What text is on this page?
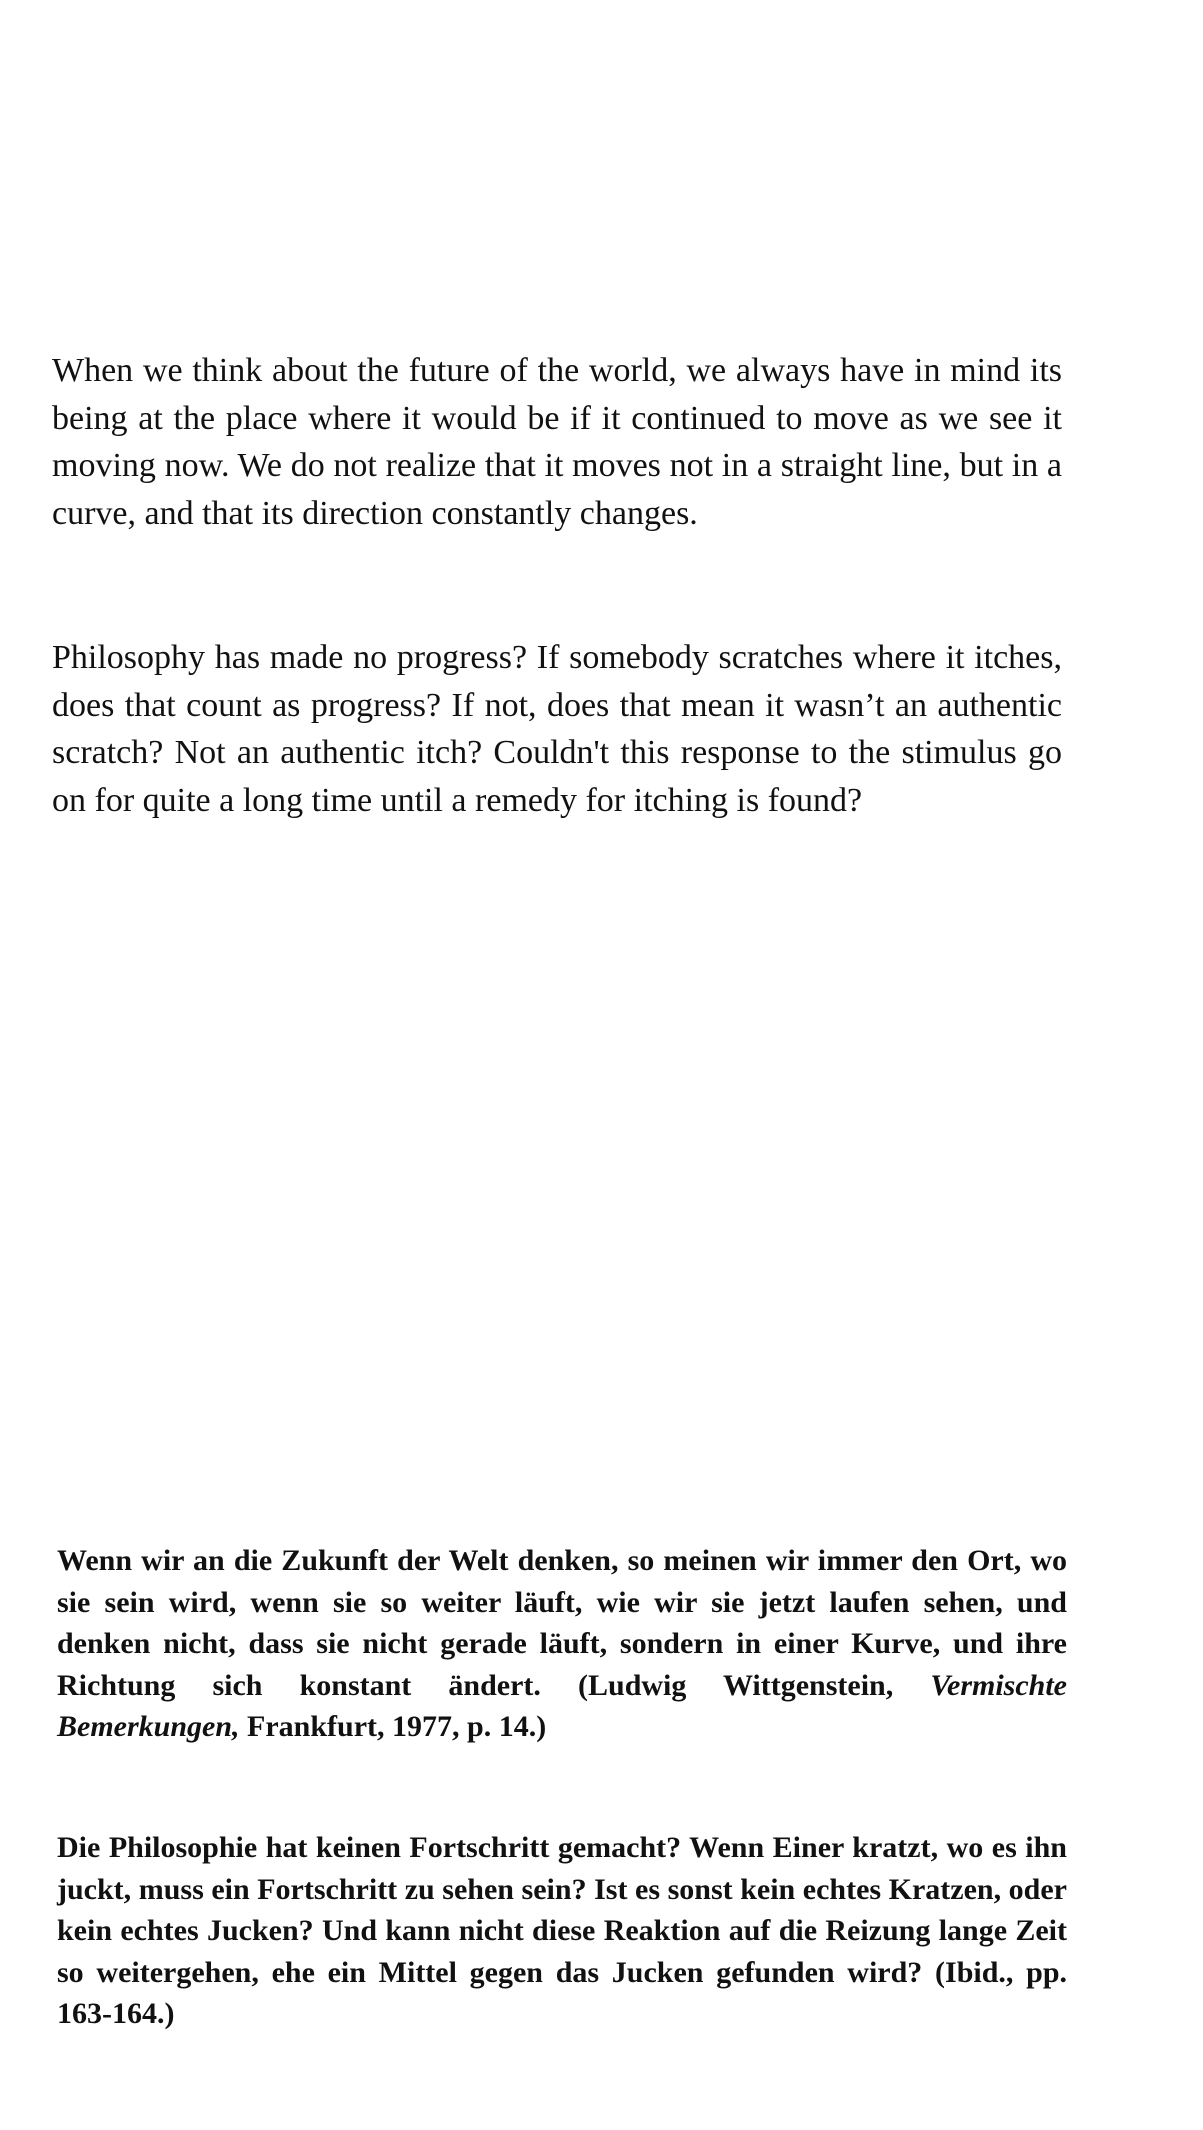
When we think about the future of the world, we always have in mind its being at the place where it would be if it continued to move as we see it moving now. We do not realize that it moves not in a straight line, but in a curve, and that its direction constantly changes.

Philosophy has made no progress? If somebody scratches where it itches, does that count as progress? If not, does that mean it wasn’t an authentic scratch? Not an authentic itch? Couldn't this response to the stimulus go on for quite a long time until a remedy for itching is found?

Wenn wir an die Zukunft der Welt denken, so meinen wir immer den Ort, wo sie sein wird, wenn sie so weiter läuft, wie wir sie jetzt laufen sehen, und denken nicht, dass sie nicht gerade läuft, sondern in einer Kurve, und ihre Richtung sich konstant ändert. (Ludwig Wittgenstein, Vermischte Bemerkungen, Frankfurt, 1977, p. 14.)

Die Philosophie hat keinen Fortschritt gemacht? Wenn Einer kratzt, wo es ihn juckt, muss ein Fortschritt zu sehen sein? Ist es sonst kein echtes Kratzen, oder kein echtes Jucken? Und kann nicht diese Reaktion auf die Reizung lange Zeit so weitergehen, ehe ein Mittel gegen das Jucken gefunden wird? (Ibid., pp. 163-164.)
